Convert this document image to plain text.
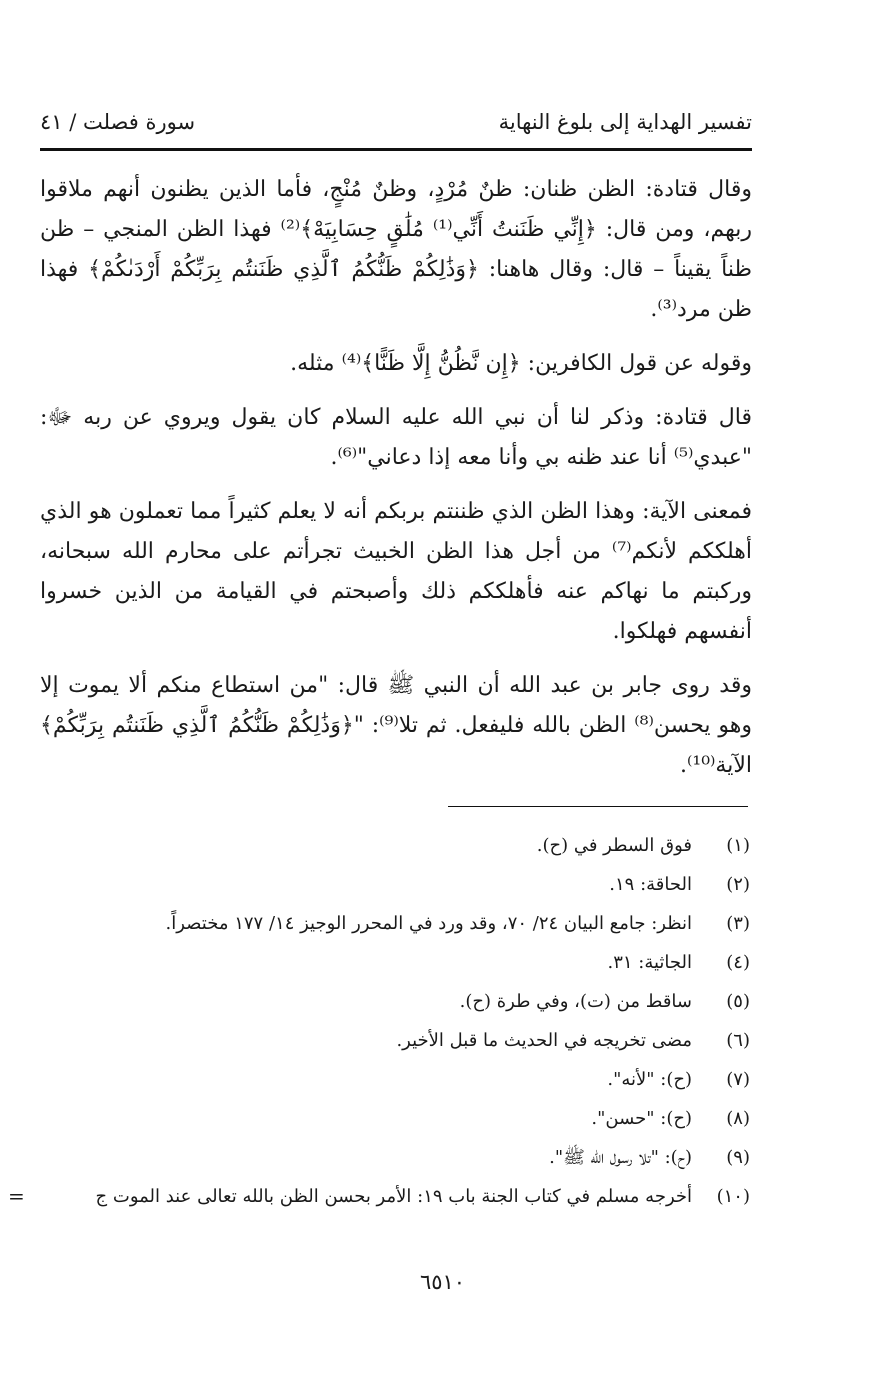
تفسير الهداية إلى بلوغ النهاية
سورة فصلت / ٤١

وقال قتادة: الظن ظنان: ظنٌ مُرْدٍ، وظنٌ مُنْجٍ، فأما الذين يظنون أنهم ملاقوا ربهم، ومن قال: ﴿إِنِّي ظَنَنتُ أَنِّي⁽¹⁾ مُلَٰقٍ حِسَابِيَهْ﴾⁽²⁾ فهذا الظن المنجي – ظن ظناً يقيناً – قال: وقال هاهنا: ﴿وَذَٰلِكُمْ ظَنُّكُمُ ٱلَّذِي ظَنَنتُم بِرَبِّكُمْ أَرْدَىٰكُمْ﴾ فهذا ظن مرد⁽³⁾.

وقوله عن قول الكافرين: ﴿إِن نَّظُنُّ إِلَّا ظَنًّا﴾⁽⁴⁾ مثله.

قال قتادة: وذكر لنا أن نبي الله عليه السلام كان يقول ويروي عن ربه ﷻ: "عبدي⁽⁵⁾ أنا عند ظنه بي وأنا معه إذا دعاني"⁽⁶⁾.

فمعنى الآية: وهذا الظن الذي ظننتم بربكم أنه لا يعلم كثيراً مما تعملون هو الذي أهلككم لأنكم⁽⁷⁾ من أجل هذا الظن الخبيث تجرأتم على محارم الله سبحانه، وركبتم ما نهاكم عنه فأهلككم ذلك وأصبحتم في القيامة من الذين خسروا أنفسهم فهلكوا.

وقد روى جابر بن عبد الله أن النبي ﷺ قال: "من استطاع منكم ألا يموت إلا وهو يحسن⁽⁸⁾ الظن بالله فليفعل. ثم تلا⁽⁹⁾: "﴿وَذَٰلِكُمْ ظَنُّكُمُ ٱلَّذِي ظَنَنتُم بِرَبِّكُمْ﴾ الآية⁽¹⁰⁾.

(١)
فوق السطر في (ح).
(٢)
الحاقة: ١٩.
(٣)
انظر: جامع البيان ٢٤/ ٧٠، وقد ورد في المحرر الوجيز ١٤/ ١٧٧ مختصراً.
(٤)
الجاثية: ٣١.
(٥)
ساقط من (ت)، وفي طرة (ح).
(٦)
مضى تخريجه في الحديث ما قبل الأخير.
(٧)
(ح): "لأنه".
(٨)
(ح): "حسن".
(٩)
(ح): "تلا رسول الله ﷺ".
(١٠)
أخرجه مسلم في كتاب الجنة باب ١٩: الأمر بحسن الظن بالله تعالى عند الموت ج
=
٦٥١٠
